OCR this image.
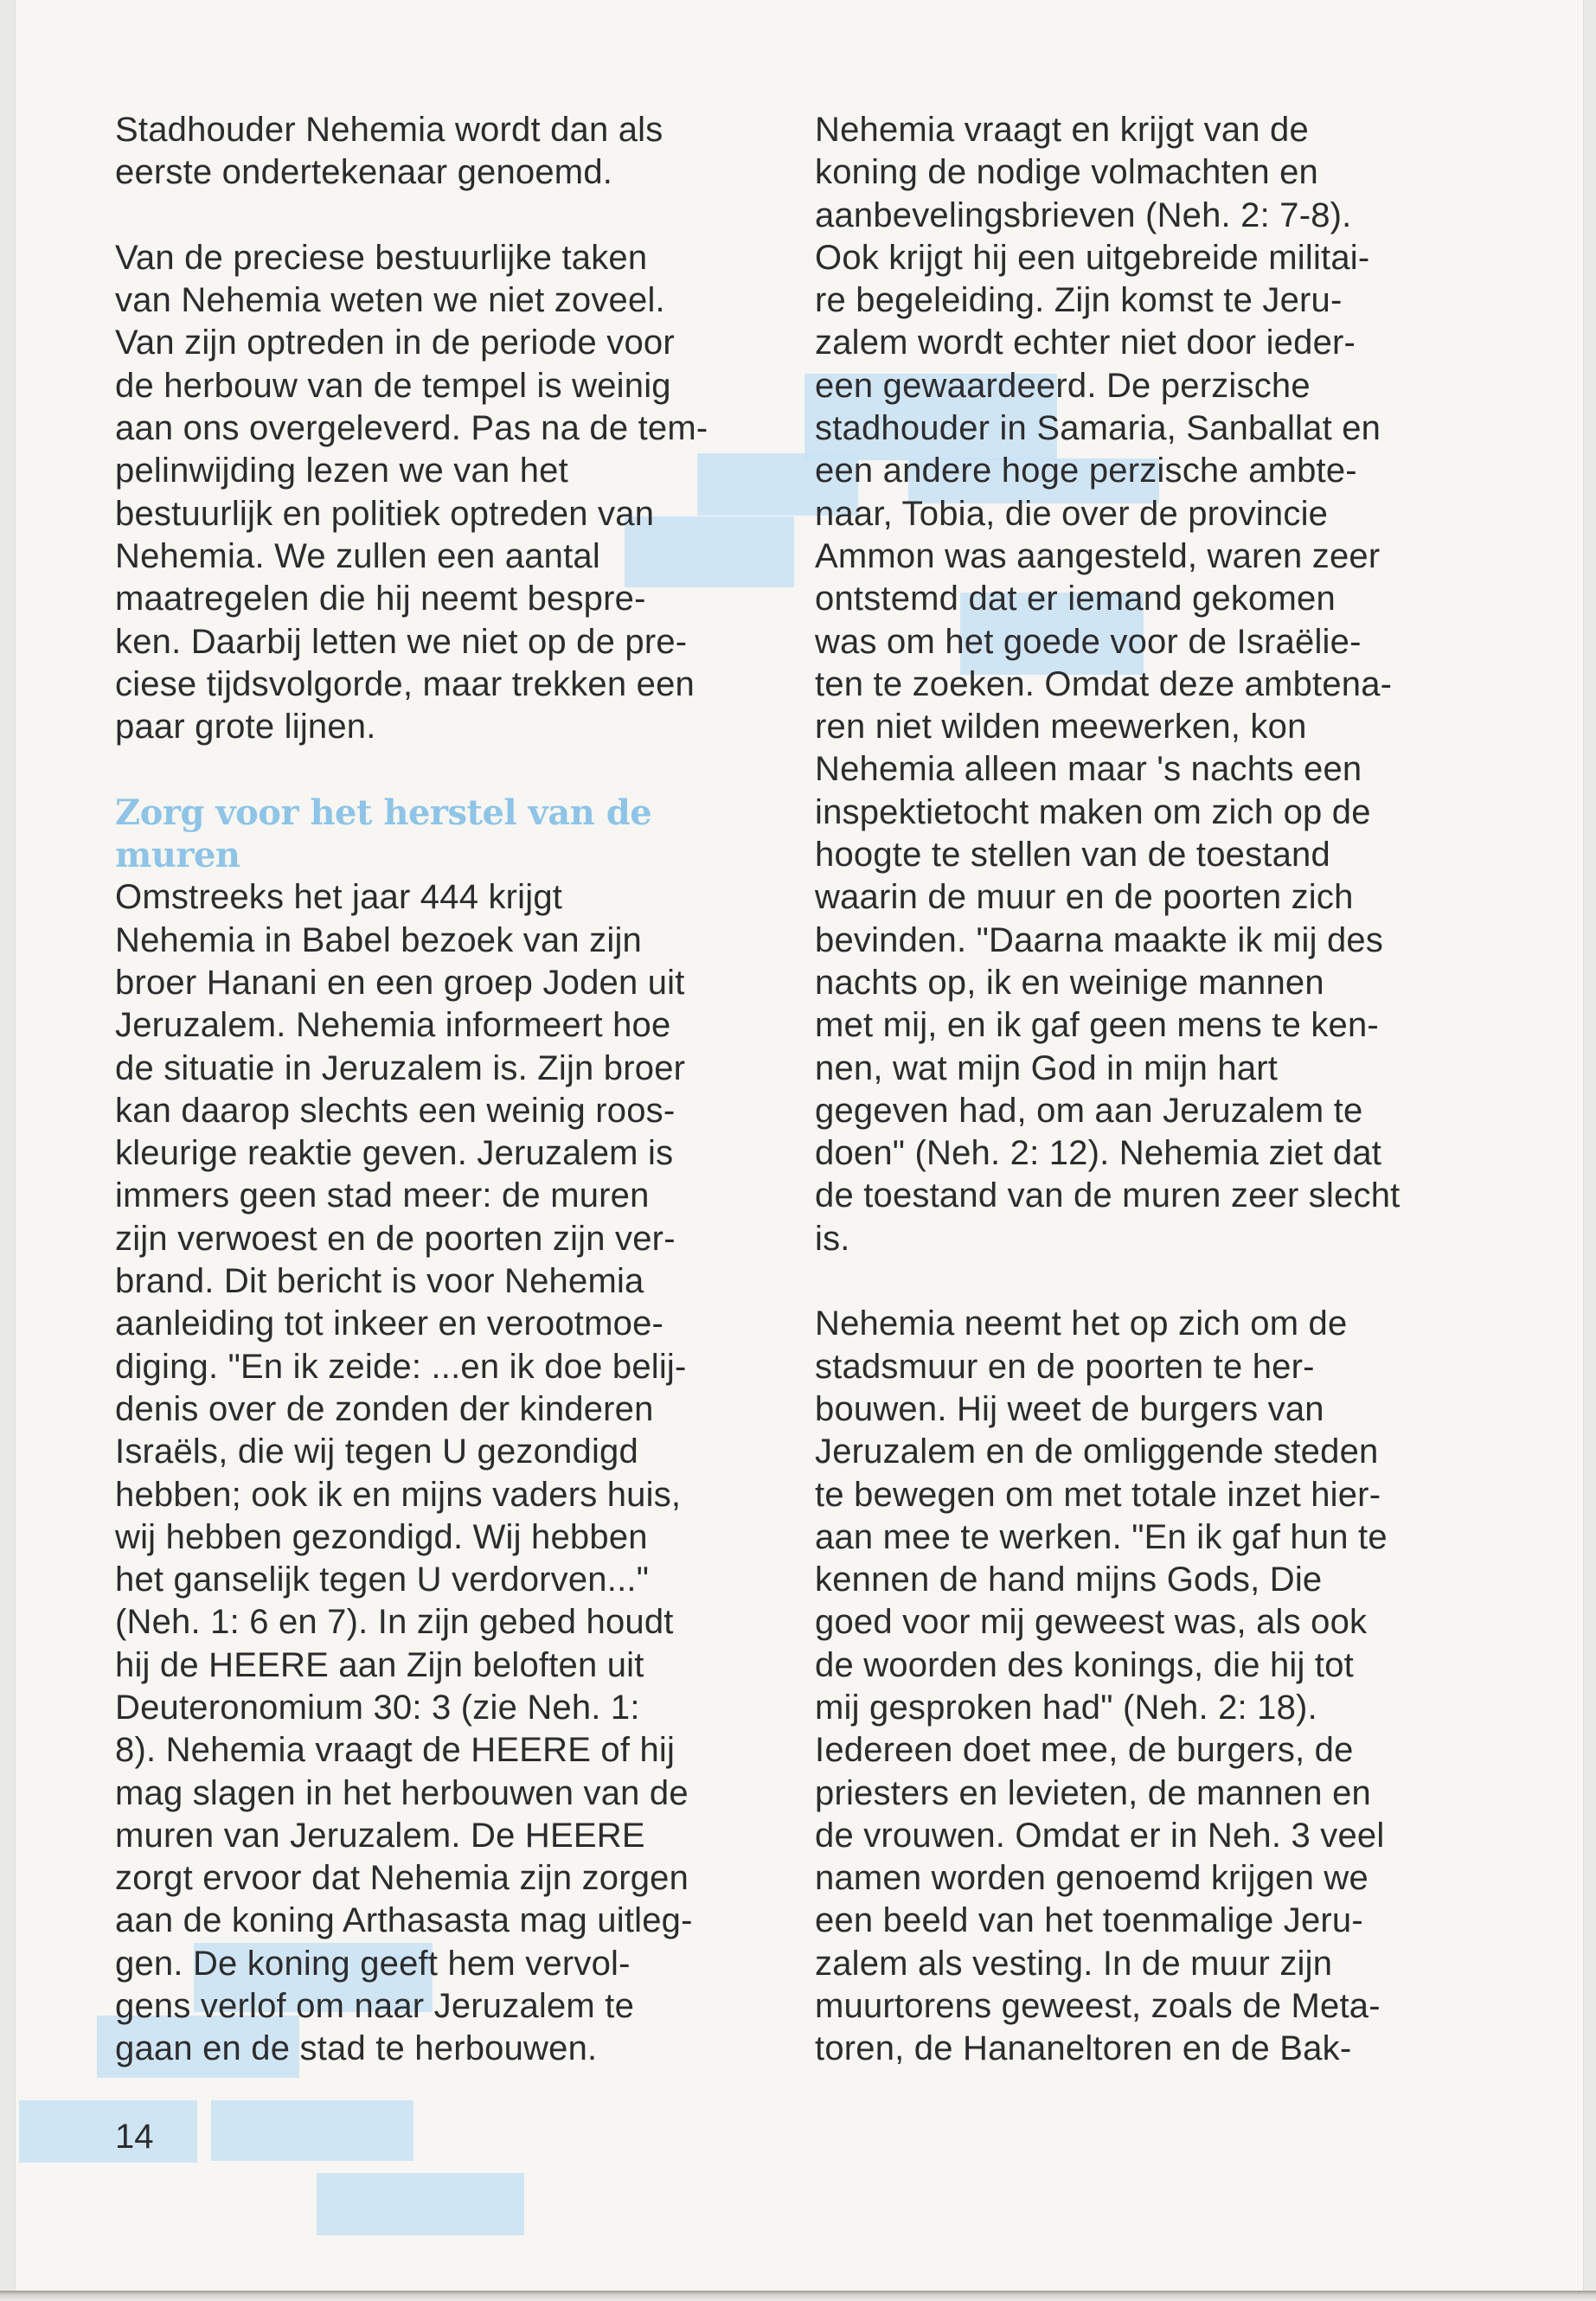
Stadhouder Nehemia wordt dan als
eerste ondertekenaar genoemd.
Van de preciese bestuurlijke taken
van Nehemia weten we niet zoveel.
Van zijn optreden in de periode voor
de herbouw van de tempel is weinig
aan ons overgeleverd. Pas na de tem-
pelinwijding lezen we van het
bestuurlijk en politiek optreden van
Nehemia. We zullen een aantal
maatregelen die hij neemt bespre-
ken. Daarbij letten we niet op de pre-
ciese tijdsvolgorde, maar trekken een
paar grote lijnen.
Zorg voor het herstel van de
muren
Omstreeks het jaar 444 krijgt
Nehemia in Babel bezoek van zijn
broer Hanani en een groep Joden uit
Jeruzalem. Nehemia informeert hoe
de situatie in Jeruzalem is. Zijn broer
kan daarop slechts een weinig roos-
kleurige reaktie geven. Jeruzalem is
immers geen stad meer: de muren
zijn verwoest en de poorten zijn ver-
brand. Dit bericht is voor Nehemia
aanleiding tot inkeer en verootmoe-
diging. "En ik zeide: ...en ik doe belij-
denis over de zonden der kinderen
Israëls, die wij tegen U gezondigd
hebben; ook ik en mijns vaders huis,
wij hebben gezondigd. Wij hebben
het ganselijk tegen U verdorven..."
(Neh. 1: 6 en 7). In zijn gebed houdt
hij de HEERE aan Zijn beloften uit
Deuteronomium 30: 3 (zie Neh. 1:
8). Nehemia vraagt de HEERE of hij
mag slagen in het herbouwen van de
muren van Jeruzalem. De HEERE
zorgt ervoor dat Nehemia zijn zorgen
aan de koning Arthasasta mag uitleg-
gen. De koning geeft hem vervol-
gens verlof om naar Jeruzalem te
gaan en de stad te herbouwen.
Nehemia vraagt en krijgt van de
koning de nodige volmachten en
aanbevelingsbrieven (Neh. 2: 7-8).
Ook krijgt hij een uitgebreide militai-
re begeleiding. Zijn komst te Jeru-
zalem wordt echter niet door ieder-
een gewaardeerd. De perzische
stadhouder in Samaria, Sanballat en
een andere hoge perzische ambte-
naar, Tobia, die over de provincie
Ammon was aangesteld, waren zeer
ontstemd dat er iemand gekomen
was om het goede voor de Israëlie-
ten te zoeken. Omdat deze ambtena-
ren niet wilden meewerken, kon
Nehemia alleen maar 's nachts een
inspektietocht maken om zich op de
hoogte te stellen van de toestand
waarin de muur en de poorten zich
bevinden. "Daarna maakte ik mij des
nachts op, ik en weinige mannen
met mij, en ik gaf geen mens te ken-
nen, wat mijn God in mijn hart
gegeven had, om aan Jeruzalem te
doen" (Neh. 2: 12). Nehemia ziet dat
de toestand van de muren zeer slecht
is.
Nehemia neemt het op zich om de
stadsmuur en de poorten te her-
bouwen. Hij weet de burgers van
Jeruzalem en de omliggende steden
te bewegen om met totale inzet hier-
aan mee te werken. "En ik gaf hun te
kennen de hand mijns Gods, Die
goed voor mij geweest was, als ook
de woorden des konings, die hij tot
mij gesproken had" (Neh. 2: 18).
Iedereen doet mee, de burgers, de
priesters en levieten, de mannen en
de vrouwen. Omdat er in Neh. 3 veel
namen worden genoemd krijgen we
een beeld van het toenmalige Jeru-
zalem als vesting. In de muur zijn
muurtorens geweest, zoals de Meta-
toren, de Hananeltoren en de Bak-
14
